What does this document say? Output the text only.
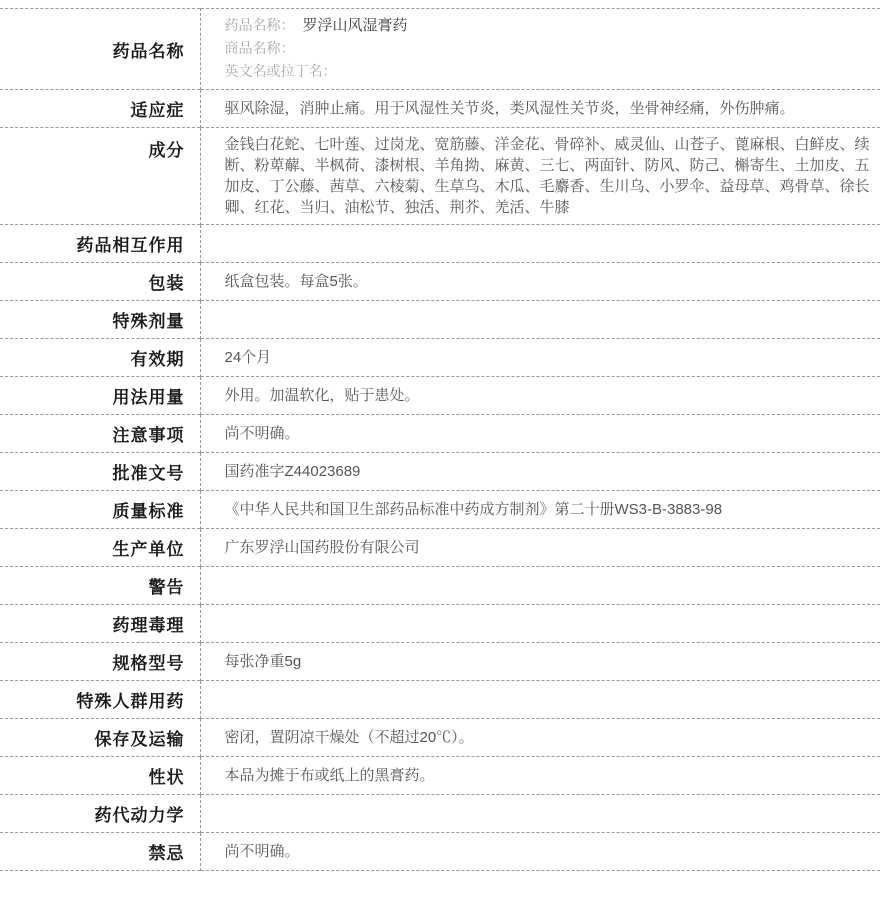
药品名称	药品名称： 罗浮山风湿膏药
商品名称：
英文名或拉丁名：

适应症	驱风除湿，消肿止痛。用于风湿性关节炎，类风湿性关节炎，坐骨神经痛，外伤肿痛。
成分	金钱白花蛇、七叶莲、过岗龙、宽筋藤、洋金花、骨碎补、威灵仙、山苍子、蓖麻根、白鲜皮、续断、粉萆薢、半枫荷、漆树根、羊角拗、麻黄、三七、两面针、防风、防己、槲寄生、土加皮、五加皮、丁公藤、茜草、六棱菊、生草乌、木瓜、毛麝香、生川乌、小罗伞、益母草、鸡骨草、徐长卿、红花、当归、油松节、独活、荆芥、羌活、牛膝
药品相互作用	
包装	纸盒包装。每盒5张。
特殊剂量	
有效期	24个月
用法用量	外用。加温软化，贴于患处。
注意事项	尚不明确。
批准文号	国药准字Z44023689
质量标准	《中华人民共和国卫生部药品标准中药成方制剂》第二十册WS3-B-3883-98
生产单位	广东罗浮山国药股份有限公司
警告	
药理毒理	
规格型号	每张净重5g
特殊人群用药	
保存及运输	密闭，置阴凉干燥处（不超过20℃）。
性状	本品为摊于布或纸上的黑膏药。
药代动力学	
禁忌	尚不明确。
